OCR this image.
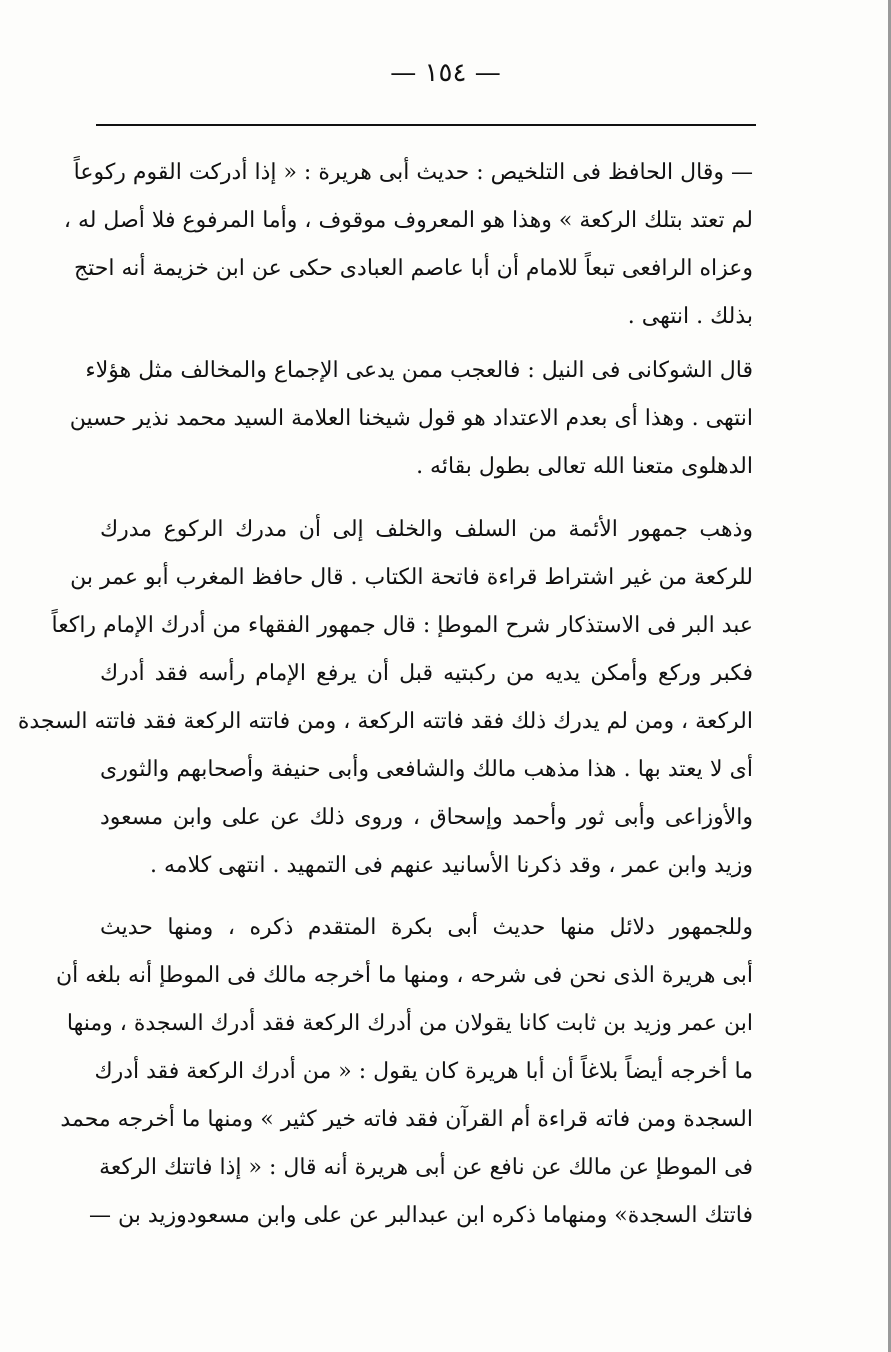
— ١٥٤ —
— وقال الحافظ فى التلخيص : حديث أبى هريرة : « إذا أدركت القوم ركوعاً
لم تعتد بتلك الركعة » وهذا هو المعروف موقوف ، وأما المرفوع فلا أصل له ،
وعزاه الرافعى تبعاً للامام أن أبا عاصم العبادى حكى عن ابن خزيمة أنه احتج
بذلك . انتهى .
قال الشوكانى فى النيل : فالعجب ممن يدعى الإجماع والمخالف مثل هؤلاء
انتهى . وهذا أى بعدم الاعتداد هو قول شيخنا العلامة السيد محمد نذير حسين
الدهلوى متعنا الله تعالى بطول بقائه .
وذهب جمهور الأئمة من السلف والخلف إلى أن مدرك الركوع مدرك
للركعة من غير اشتراط قراءة فاتحة الكتاب . قال حافظ المغرب أبو عمر بن
عبد البر فى الاستذكار شرح الموطإ : قال جمهور الفقهاء من أدرك الإمام راكعاً
فكبر وركع وأمكن يديه من ركبتيه قبل أن يرفع الإمام رأسه فقد أدرك
الركعة ، ومن لم يدرك ذلك فقد فاتته الركعة ، ومن فاتته الركعة فقد فاتته السجدة
أى لا يعتد بها . هذا مذهب مالك والشافعى وأبى حنيفة وأصحابهم والثورى
والأوزاعى وأبى ثور وأحمد وإسحاق ، وروى ذلك عن على وابن مسعود
وزيد وابن عمر ، وقد ذكرنا الأسانيد عنهم فى التمهيد . انتهى كلامه .
وللجمهور دلائل منها حديث أبى بكرة المتقدم ذكره ، ومنها حديث
أبى هريرة الذى نحن فى شرحه ، ومنها ما أخرجه مالك فى الموطإ أنه بلغه أن
ابن عمر وزيد بن ثابت كانا يقولان من أدرك الركعة فقد أدرك السجدة ، ومنها
ما أخرجه أيضاً بلاغاً أن أبا هريرة كان يقول : « من أدرك الركعة فقد أدرك
السجدة ومن فاته قراءة أم القرآن فقد فاته خير كثير » ومنها ما أخرجه محمد
فى الموطإ عن مالك عن نافع عن أبى هريرة أنه قال : « إذا فاتتك الركعة
فاتتك السجدة» ومنهاما ذكره ابن عبدالبر عن على وابن مسعودوزيد بن —
